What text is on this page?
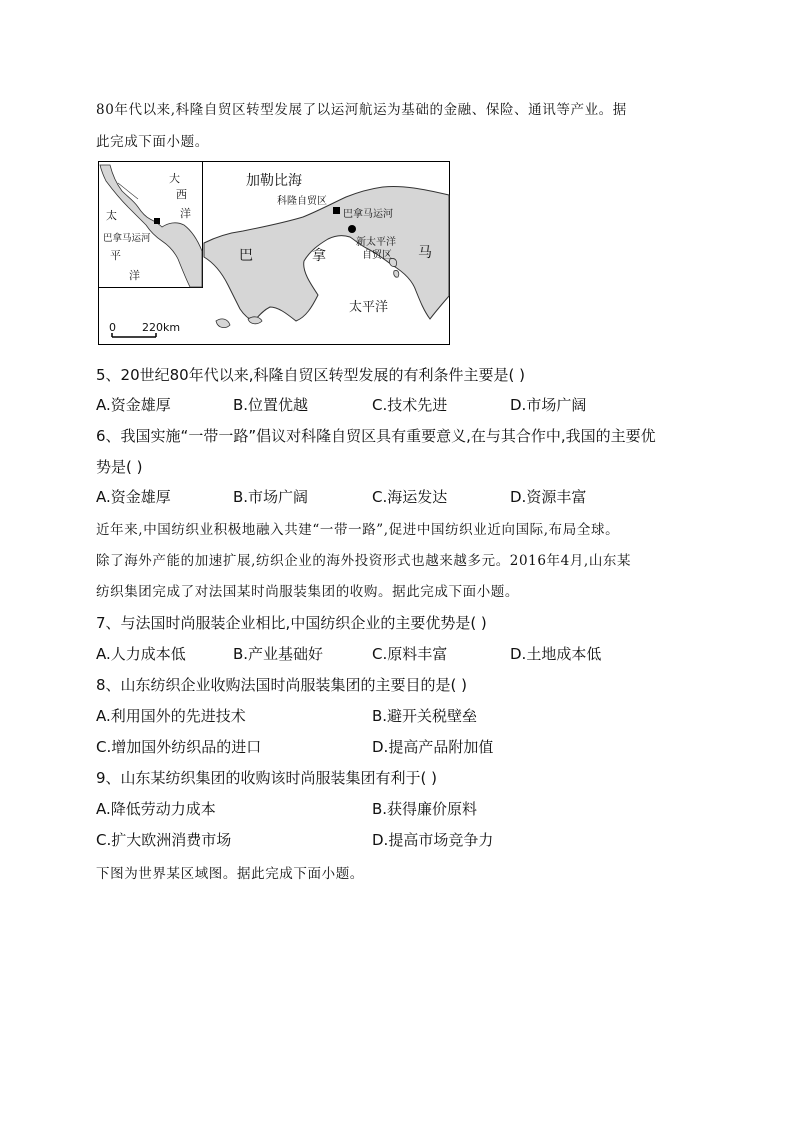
80年代以来,科隆自贸区转型发展了以运河航运为基础的金融、保险、通讯等产业。据
此完成下面小题。
加勒比海
科隆自贸区
巴拿马运河
新太平洋
自贸区
巴	拿	马
太平洋
0 220km
大
西
洋
太
巴拿马运河
平
洋
5、20世纪80年代以来,科隆自贸区转型发展的有利条件主要是( )
A.资金雄厚	B.位置优越	C.技术先进	D.市场广阔
6、我国实施“一带一路”倡议对科隆自贸区具有重要意义,在与其合作中,我国的主要优
势是( )
A.资金雄厚	B.市场广阔	C.海运发达	D.资源丰富
近年来,中国纺织业积极地融入共建“一带一路”,促进中国纺织业近向国际,布局全球。
除了海外产能的加速扩展,纺织企业的海外投资形式也越来越多元。2016年4月,山东某
纺织集团完成了对法国某时尚服装集团的收购。据此完成下面小题。
7、与法国时尚服装企业相比,中国纺织企业的主要优势是( )
A.人力成本低	B.产业基础好	C.原料丰富	D.土地成本低
8、山东纺织企业收购法国时尚服装集团的主要目的是( )
A.利用国外的先进技术	B.避开关税壁垒
C.增加国外纺织品的进口	D.提高产品附加值
9、山东某纺织集团的收购该时尚服装集团有利于( )
A.降低劳动力成本	B.获得廉价原料
C.扩大欧洲消费市场	D.提高市场竞争力
下图为世界某区域图。据此完成下面小题。
